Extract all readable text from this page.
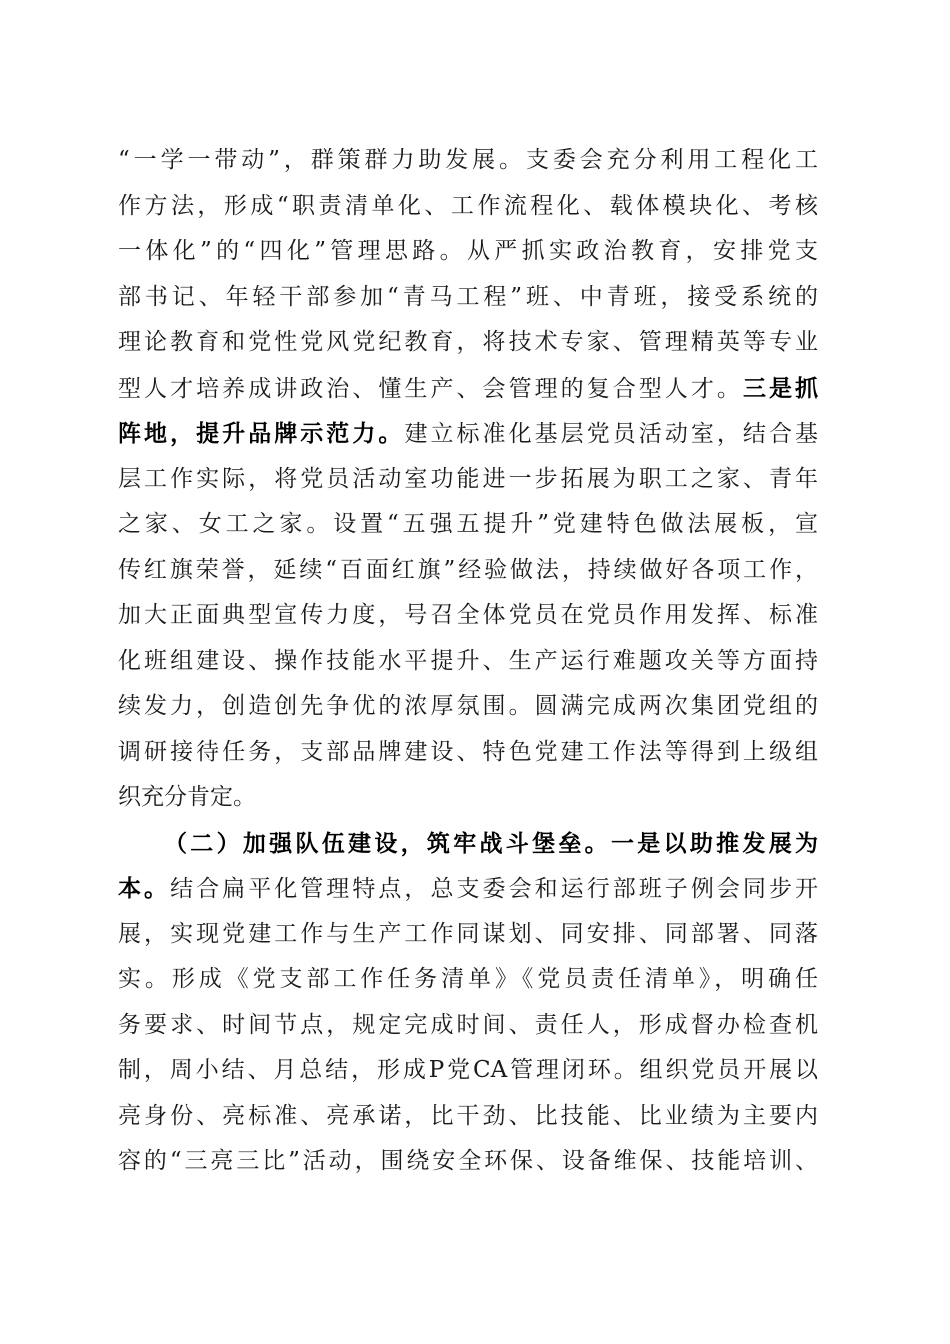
“一学一带动”，群策群力助发展。支委会充分利用工程化工
作方法，形成“职责清单化、工作流程化、载体模块化、考核
一体化”的“四化”管理思路。从严抓实政治教育，安排党支
部书记、年轻干部参加“青马工程”班、中青班，接受系统的
理论教育和党性党风党纪教育，将技术专家、管理精英等专业
型人才培养成讲政治、懂生产、会管理的复合型人才。三是抓
阵地，提升品牌示范力。建立标准化基层党员活动室，结合基
层工作实际，将党员活动室功能进一步拓展为职工之家、青年
之家、女工之家。设置“五强五提升”党建特色做法展板，宣
传红旗荣誉，延续“百面红旗”经验做法，持续做好各项工作，
加大正面典型宣传力度，号召全体党员在党员作用发挥、标准
化班组建设、操作技能水平提升、生产运行难题攻关等方面持
续发力，创造创先争优的浓厚氛围。圆满完成两次集团党组的
调研接待任务，支部品牌建设、特色党建工作法等得到上级组
织充分肯定。
（二）加强队伍建设，筑牢战斗堡垒。一是以助推发展为
本。结合扁平化管理特点，总支委会和运行部班子例会同步开
展，实现党建工作与生产工作同谋划、同安排、同部署、同落
实。形成《党支部工作任务清单》《党员责任清单》，明确任
务要求、时间节点，规定完成时间、责任人，形成督办检查机
制，周小结、月总结，形成P党CA管理闭环。组织党员开展以
亮身份、亮标准、亮承诺，比干劲、比技能、比业绩为主要内
容的“三亮三比”活动，围绕安全环保、设备维保、技能培训、
